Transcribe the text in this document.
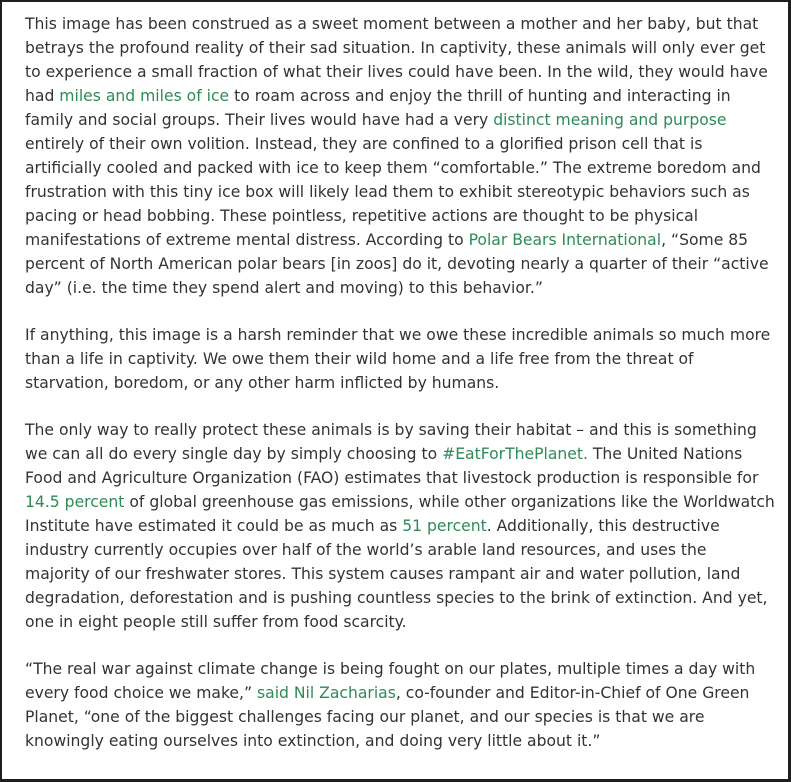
This image has been construed as a sweet moment between a mother and her baby, but that betrays the profound reality of their sad situation. In captivity, these animals will only ever get to experience a small fraction of what their lives could have been. In the wild, they would have had miles and miles of ice to roam across and enjoy the thrill of hunting and interacting in family and social groups. Their lives would have had a very distinct meaning and purpose entirely of their own volition. Instead, they are confined to a glorified prison cell that is artificially cooled and packed with ice to keep them “comfortable.” The extreme boredom and frustration with this tiny ice box will likely lead them to exhibit stereotypic behaviors such as pacing or head bobbing. These pointless, repetitive actions are thought to be physical manifestations of extreme mental distress. According to Polar Bears International, “Some 85 percent of North American polar bears [in zoos] do it, devoting nearly a quarter of their “active day” (i.e. the time they spend alert and moving) to this behavior.”

If anything, this image is a harsh reminder that we owe these incredible animals so much more than a life in captivity. We owe them their wild home and a life free from the threat of starvation, boredom, or any other harm inflicted by humans.

The only way to really protect these animals is by saving their habitat – and this is something we can all do every single day by simply choosing to #EatForThePlanet. The United Nations Food and Agriculture Organization (FAO) estimates that livestock production is responsible for 14.5 percent of global greenhouse gas emissions, while other organizations like the Worldwatch Institute have estimated it could be as much as 51 percent. Additionally, this destructive industry currently occupies over half of the world’s arable land resources, and uses the majority of our freshwater stores. This system causes rampant air and water pollution, land degradation, deforestation and is pushing countless species to the brink of extinction. And yet, one in eight people still suffer from food scarcity.

“The real war against climate change is being fought on our plates, multiple times a day with every food choice we make,” said Nil Zacharias, co-founder and Editor-in-Chief of One Green Planet, “one of the biggest challenges facing our planet, and our species is that we are knowingly eating ourselves into extinction, and doing very little about it.”
